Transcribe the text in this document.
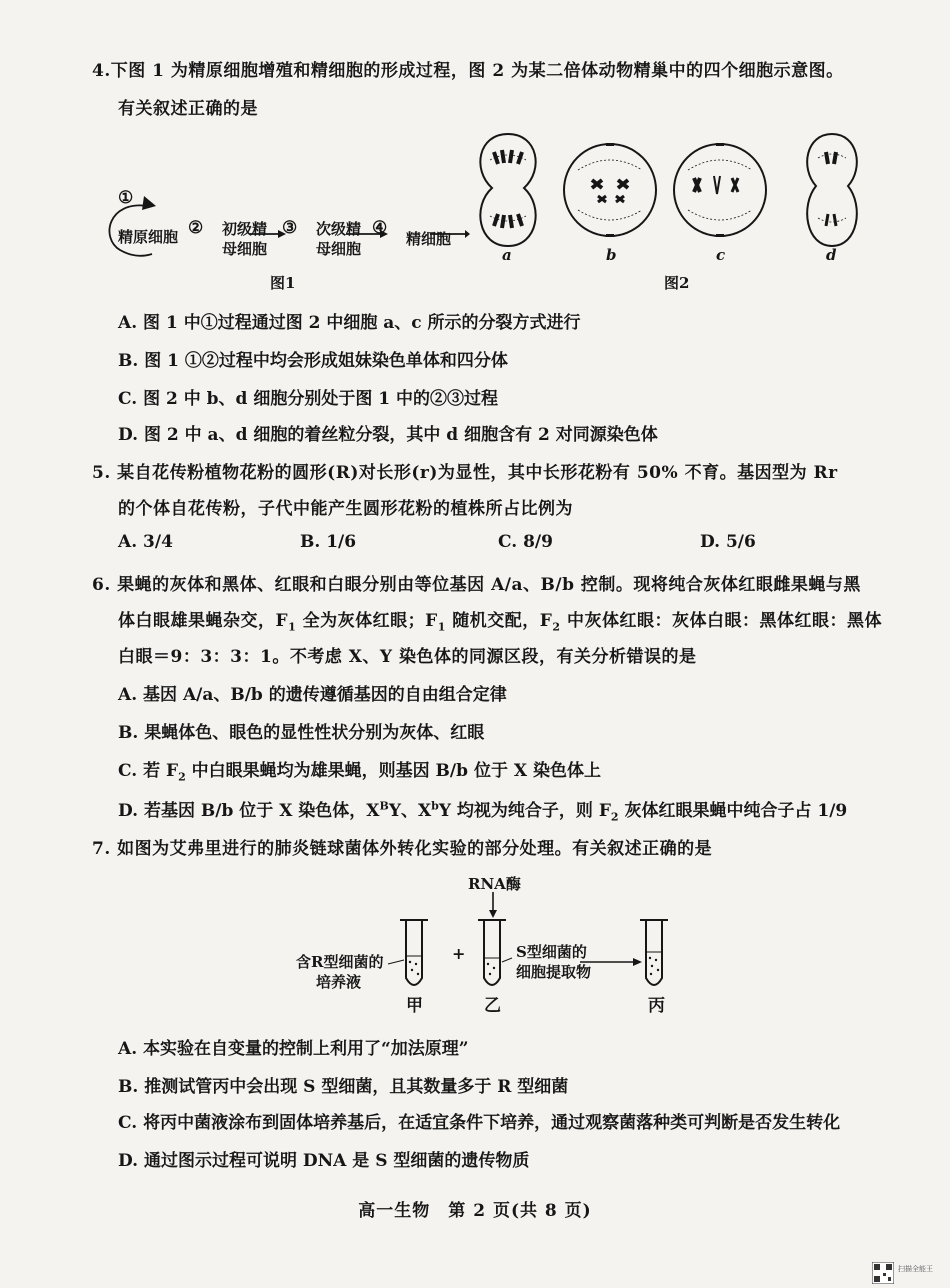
4.下图 1 为精原细胞增殖和精细胞的形成过程，图 2 为某二倍体动物精巢中的四个细胞示意图。
有关叙述正确的是
①
精原细胞 ② 初级精
母细胞
③ 次级精
母细胞
④
精细胞
图1
a	b	c	d
图2
A. 图 1 中①过程通过图 2 中细胞 a、c 所示的分裂方式进行
B. 图 1 ①②过程中均会形成姐妹染色单体和四分体
C. 图 2 中 b、d 细胞分别处于图 1 中的②③过程
D. 图 2 中 a、d 细胞的着丝粒分裂，其中 d 细胞含有 2 对同源染色体
5. 某自花传粉植物花粉的圆形(R)对长形(r)为显性，其中长形花粉有 50% 不育。基因型为 Rr
的个体自花传粉，子代中能产生圆形花粉的植株所占比例为
A. 3/4	B. 1/6	C. 8/9	D. 5/6
6. 果蝇的灰体和黑体、红眼和白眼分别由等位基因 A/a、B/b 控制。现将纯合灰体红眼雌果蝇与黑
体白眼雄果蝇杂交，$F_1$ 全为灰体红眼；$F_1$ 随机交配，$F_2$ 中灰体红眼：灰体白眼：黑体红眼：黑体
白眼＝9：3：3：1。不考虑 X、Y 染色体的同源区段，有关分析错误的是
A. 基因 A/a、B/b 的遗传遵循基因的自由组合定律
B. 果蝇体色、眼色的显性性状分别为灰体、红眼
C. 若 $F_2$ 中白眼果蝇均为雄果蝇，则基因 B/b 位于 X 染色体上
D. 若基因 B/b 位于 X 染色体，$X^BY$、$X^bY$ 均视为纯合子，则 $F_2$ 灰体红眼果蝇中纯合子占 1/9
7. 如图为艾弗里进行的肺炎链球菌体外转化实验的部分处理。有关叙述正确的是
RNA酶
含R型细菌的
培养液
+	S型细菌的
细胞提取物
甲	乙	丙
A. 本实验在自变量的控制上利用了“加法原理”
B. 推测试管丙中会出现 S 型细菌，且其数量多于 R 型细菌
C. 将丙中菌液涂布到固体培养基后，在适宜条件下培养，通过观察菌落种类可判断是否发生转化
D. 通过图示过程可说明 DNA 是 S 型细菌的遗传物质
高一生物　第 2 页(共 8 页)
扫描全能王
